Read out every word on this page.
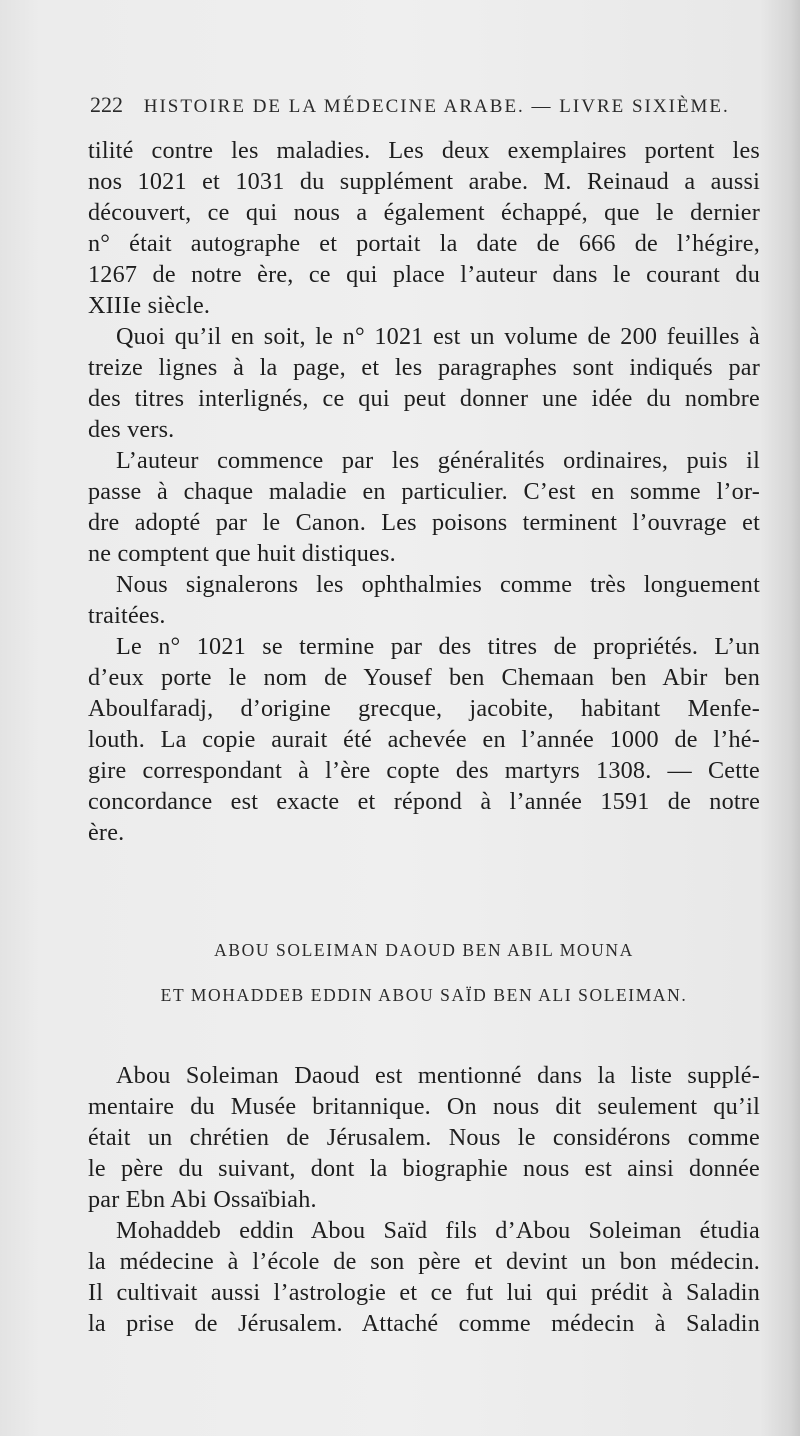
222 HISTOIRE DE LA MÉDECINE ARABE. — LIVRE SIXIÈME.
tilité contre les maladies. Les deux exemplaires portent les
nos 1021 et 1031 du supplément arabe. M. Reinaud a aussi
découvert, ce qui nous a également échappé, que le dernier
n° était autographe et portait la date de 666 de l’hégire,
1267 de notre ère, ce qui place l’auteur dans le courant du
XIIIe siècle.
Quoi qu’il en soit, le n° 1021 est un volume de 200 feuilles à
treize lignes à la page, et les paragraphes sont indiqués par
des titres interlignés, ce qui peut donner une idée du nombre
des vers.
L’auteur commence par les généralités ordinaires, puis il
passe à chaque maladie en particulier. C’est en somme l’or-
dre adopté par le Canon. Les poisons terminent l’ouvrage et
ne comptent que huit distiques.
Nous signalerons les ophthalmies comme très longuement
traitées.
Le n° 1021 se termine par des titres de propriétés. L’un
d’eux porte le nom de Yousef ben Chemaan ben Abir ben
Aboulfaradj, d’origine grecque, jacobite, habitant Menfe-
louth. La copie aurait été achevée en l’année 1000 de l’hé-
gire correspondant à l’ère copte des martyrs 1308. — Cette
concordance est exacte et répond à l’année 1591 de notre
ère.
ABOU SOLEIMAN DAOUD BEN ABIL MOUNA
ET MOHADDEB EDDIN ABOU SAÏD BEN ALI SOLEIMAN.
Abou Soleiman Daoud est mentionné dans la liste supplé-
mentaire du Musée britannique. On nous dit seulement qu’il
était un chrétien de Jérusalem. Nous le considérons comme
le père du suivant, dont la biographie nous est ainsi donnée
par Ebn Abi Ossaïbiah.
Mohaddeb eddin Abou Saïd fils d’Abou Soleiman étudia
la médecine à l’école de son père et devint un bon médecin.
Il cultivait aussi l’astrologie et ce fut lui qui prédit à Saladin
la prise de Jérusalem. Attaché comme médecin à Saladin
